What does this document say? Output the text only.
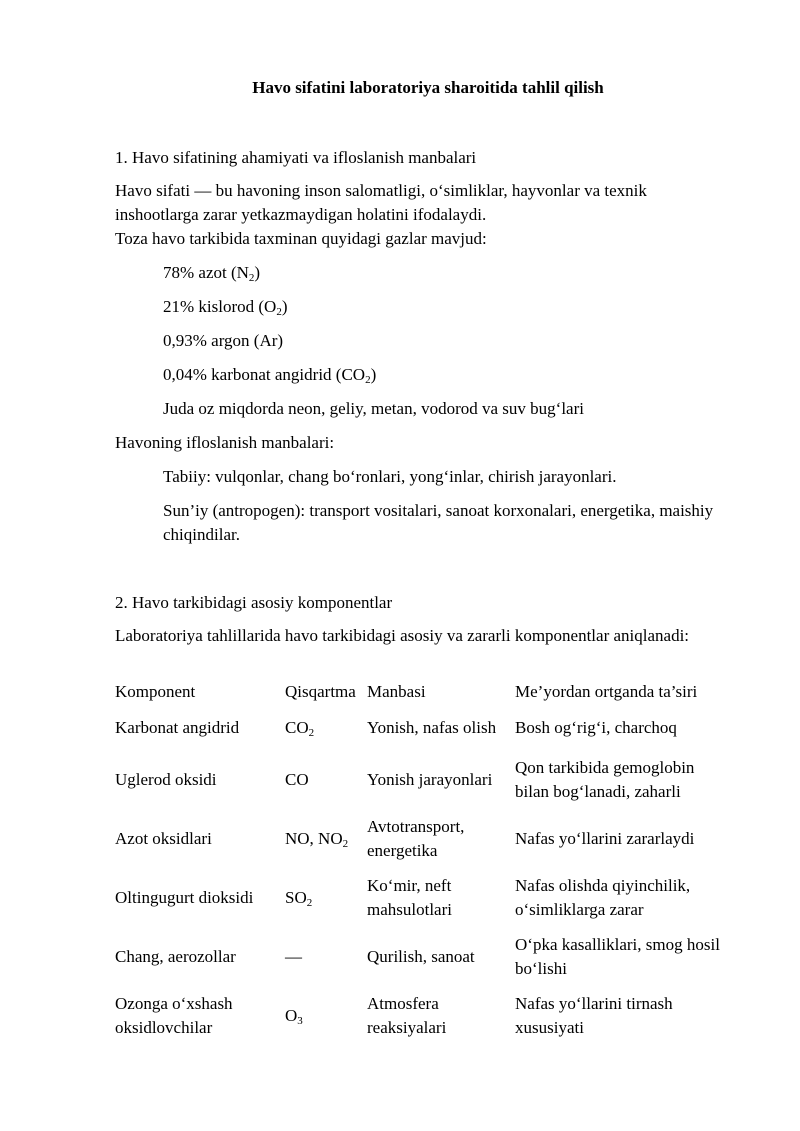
Havo sifatini laboratoriya sharoitida tahlil qilish
1. Havo sifatining ahamiyati va ifloslanish manbalari

Havo sifati — bu havoning inson salomatligi, o‘simliklar, hayvonlar va texnik inshootlarga zarar yetkazmaydigan holatini ifodalaydi.

Toza havo tarkibida taxminan quyidagi gazlar mavjud:

78% azot $(N_2)$
21% kislorod $(O_2)$
0,93% argon (Ar)
0,04% karbonat angidrid $(CO_2)$
Juda oz miqdorda neon, geliy, metan, vodorod va suv bug‘lari
Havoning ifloslanish manbalari:
Tabiiy: vulqonlar, chang bo‘ronlari, yong‘inlar, chirish jarayonlari.
Sun’iy (antropogen): transport vositalari, sanoat korxonalari, energetika, maishiy chiqindilar.
2. Havo tarkibidagi asosiy komponentlar
Laboratoriya tahlillarida havo tarkibidagi asosiy va zararli komponentlar aniqlanadi:
Komponent	Qisqartma	Manbasi	Me’yordan ortganda ta’siri
Karbonat angidrid	$CO_2$	Yonish, nafas olish	Bosh og‘rig‘i, charchoq
Uglerod oksidi	CO	Yonish jarayonlari	Qon tarkibida gemoglobin bilan bog‘lanadi, zaharli
Azot oksidlari	NO, $NO_2$	Avtotransport, energetika	Nafas yo‘llarini zararlaydi
Oltingugurt dioksidi	$SO_2$	Ko‘mir, neft mahsulotlari	Nafas olishda qiyinchilik, o‘simliklarga zarar
Chang, aerozollar	—	Qurilish, sanoat	O‘pka kasalliklari, smog hosil bo‘lishi
Ozonga o‘xshash oksidlovchilar	$O_3$	Atmosfera reaksiyalari	Nafas yo‘llarini tirnash xususiyati
